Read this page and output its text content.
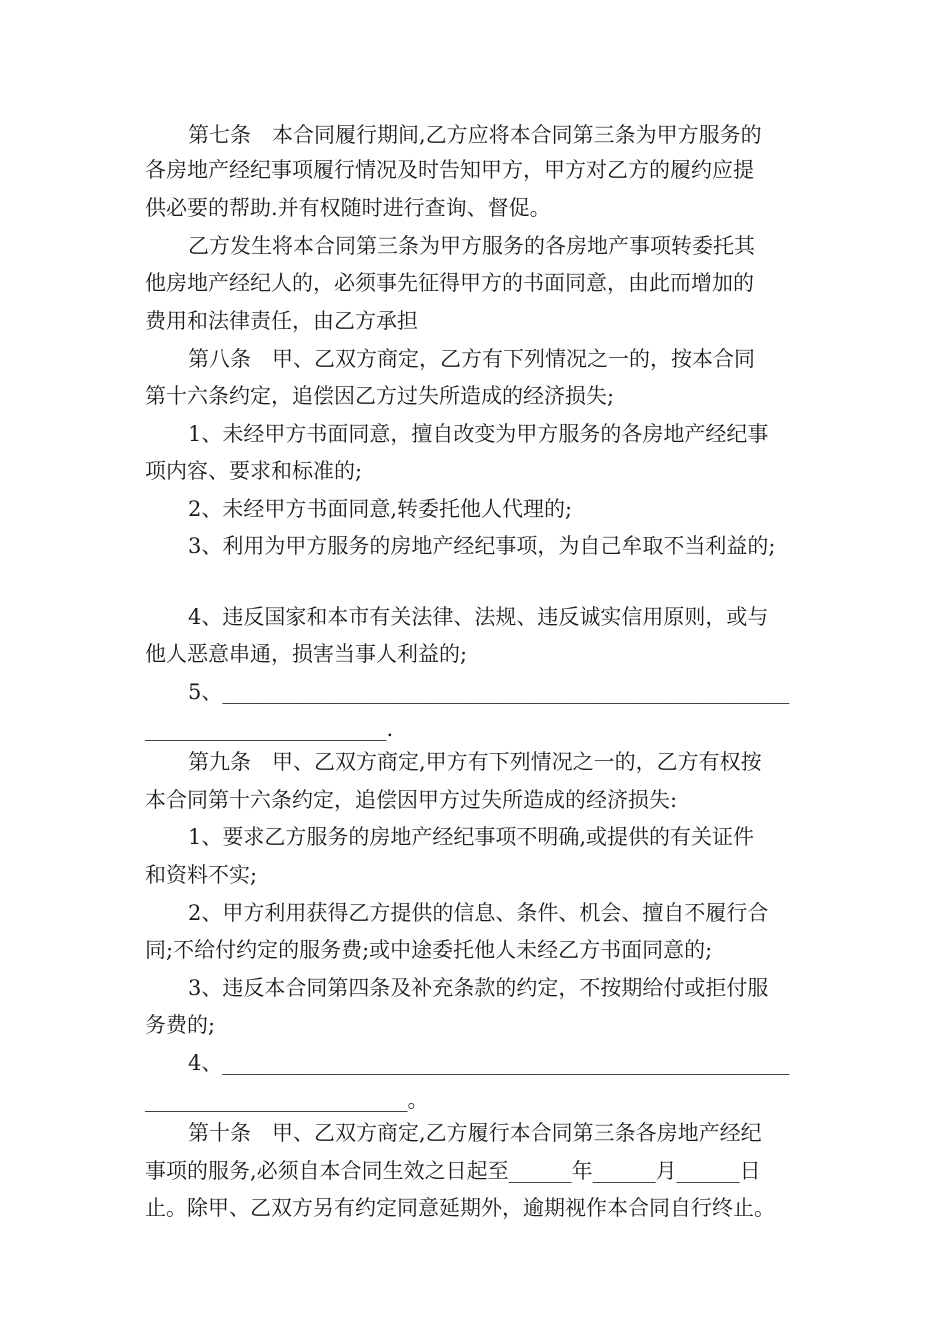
第七条　本合同履行期间,乙方应将本合同第三条为甲方服务的
各房地产经纪事项履行情况及时告知甲方，甲方对乙方的履约应提
供必要的帮助.并有权随时进行查询、督促。
乙方发生将本合同第三条为甲方服务的各房地产事项转委托其
他房地产经纪人的，必须事先征得甲方的书面同意，由此而增加的
费用和法律责任，由乙方承担
第八条　甲、乙双方商定，乙方有下列情况之一的，按本合同
第十六条约定，追偿因乙方过失所造成的经济损失;
1、未经甲方书面同意，擅自改变为甲方服务的各房地产经纪事
项内容、要求和标准的;
2、未经甲方书面同意,转委托他人代理的;
3、利用为甲方服务的房地产经纪事项，为自己牟取不当利益的;
4、违反国家和本市有关法律、法规、违反诚实信用原则，或与
他人恶意串通，损害当事人利益的;
5、______________________________________________________
_______________________.
第九条　甲、乙双方商定,甲方有下列情况之一的，乙方有权按
本合同第十六条约定，追偿因甲方过失所造成的经济损失:
1、要求乙方服务的房地产经纪事项不明确,或提供的有关证件
和资料不实;
2、甲方利用获得乙方提供的信息、条件、机会、擅自不履行合
同;不给付约定的服务费;或中途委托他人未经乙方书面同意的;
3、违反本合同第四条及补充条款的约定，不按期给付或拒付服
务费的;
4、______________________________________________________
_________________________。
第十条　甲、乙双方商定,乙方履行本合同第三条各房地产经纪
事项的服务,必须自本合同生效之日起至______年______月______日
止。除甲、乙双方另有约定同意延期外，逾期视作本合同自行终止。
